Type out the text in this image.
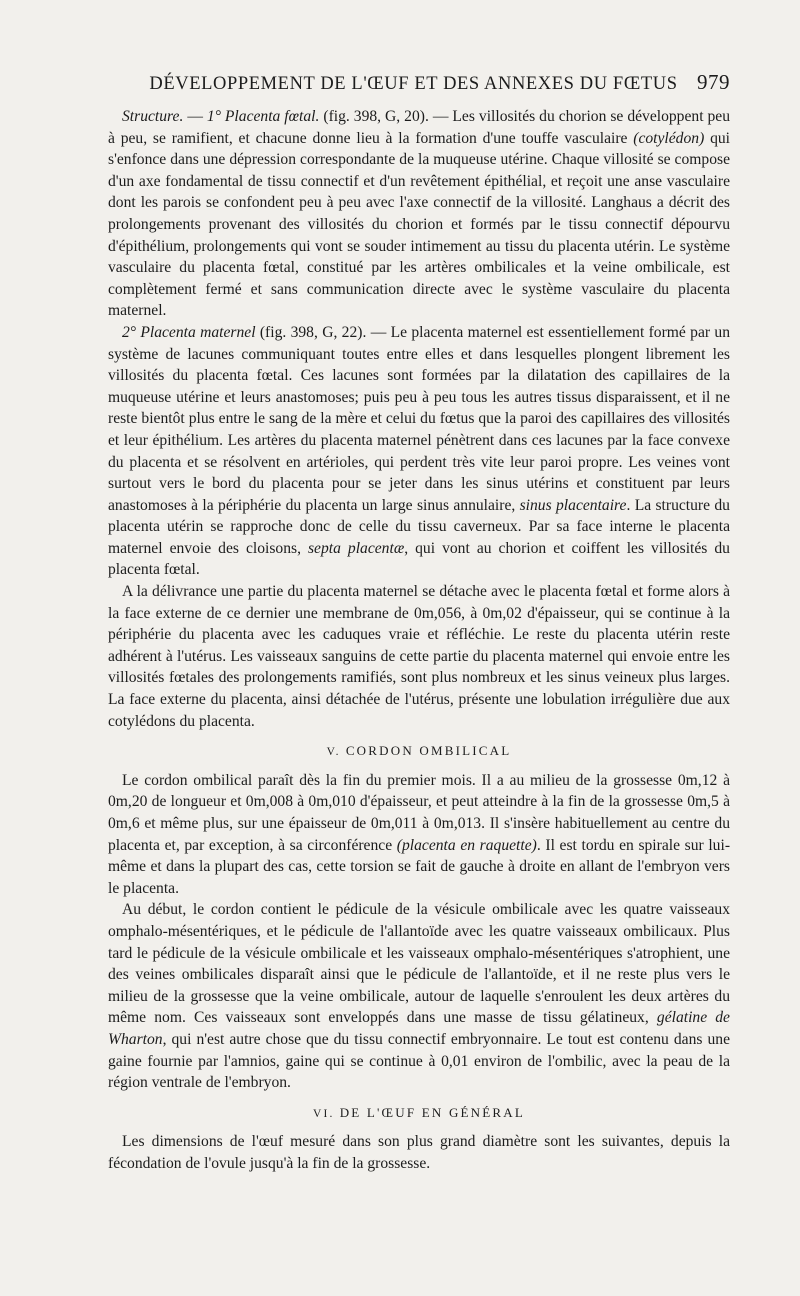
DÉVELOPPEMENT DE L'ŒUF ET DES ANNEXES DU FŒTUS 979

Structure. — 1° Placenta fœtal. (fig. 398, G, 20). — Les villosités du chorion se développent peu à peu, se ramifient, et chacune donne lieu à la formation d'une touffe vasculaire (cotylédon) qui s'enfonce dans une dépression correspondante de la muqueuse utérine. Chaque villosité se compose d'un axe fondamental de tissu connectif et d'un revêtement épithélial, et reçoit une anse vasculaire dont les parois se confondent peu à peu avec l'axe connectif de la villosité. Langhaus a décrit des prolongements provenant des villosités du chorion et formés par le tissu connectif dépourvu d'épithélium, prolongements qui vont se souder intimement au tissu du placenta utérin. Le système vasculaire du placenta fœtal, constitué par les artères ombilicales et la veine ombilicale, est complètement fermé et sans communication directe avec le système vasculaire du placenta maternel.

2° Placenta maternel (fig. 398, G, 22). — Le placenta maternel est essentiellement formé par un système de lacunes communiquant toutes entre elles et dans lesquelles plongent librement les villosités du placenta fœtal. Ces lacunes sont formées par la dilatation des capillaires de la muqueuse utérine et leurs anastomoses; puis peu à peu tous les autres tissus disparaissent, et il ne reste bientôt plus entre le sang de la mère et celui du fœtus que la paroi des capillaires des villosités et leur épithélium. Les artères du placenta maternel pénètrent dans ces lacunes par la face convexe du placenta et se résolvent en artérioles, qui perdent très vite leur paroi propre. Les veines vont surtout vers le bord du placenta pour se jeter dans les sinus utérins et constituent par leurs anastomoses à la périphérie du placenta un large sinus annulaire, sinus placentaire. La structure du placenta utérin se rapproche donc de celle du tissu caverneux. Par sa face interne le placenta maternel envoie des cloisons, septa placentæ, qui vont au chorion et coiffent les villosités du placenta fœtal.

A la délivrance une partie du placenta maternel se détache avec le placenta fœtal et forme alors à la face externe de ce dernier une membrane de 0m,056, à 0m,02 d'épaisseur, qui se continue à la périphérie du placenta avec les caduques vraie et réfléchie. Le reste du placenta utérin reste adhérent à l'utérus. Les vaisseaux sanguins de cette partie du placenta maternel qui envoie entre les villosités fœtales des prolongements ramifiés, sont plus nombreux et les sinus veineux plus larges. La face externe du placenta, ainsi détachée de l'utérus, présente une lobulation irrégulière due aux cotylédons du placenta.

V. CORDON OMBILICAL

Le cordon ombilical paraît dès la fin du premier mois. Il a au milieu de la grossesse 0m,12 à 0m,20 de longueur et 0m,008 à 0m,010 d'épaisseur, et peut atteindre à la fin de la grossesse 0m,5 à 0m,6 et même plus, sur une épaisseur de 0m,011 à 0m,013. Il s'insère habituellement au centre du placenta et, par exception, à sa circonférence (placenta en raquette). Il est tordu en spirale sur lui-même et dans la plupart des cas, cette torsion se fait de gauche à droite en allant de l'embryon vers le placenta.

Au début, le cordon contient le pédicule de la vésicule ombilicale avec les quatre vaisseaux omphalo-mésentériques, et le pédicule de l'allantoïde avec les quatre vaisseaux ombilicaux. Plus tard le pédicule de la vésicule ombilicale et les vaisseaux omphalo-mésentériques s'atrophient, une des veines ombilicales disparaît ainsi que le pédicule de l'allantoïde, et il ne reste plus vers le milieu de la grossesse que la veine ombilicale, autour de laquelle s'enroulent les deux artères du même nom. Ces vaisseaux sont enveloppés dans une masse de tissu gélatineux, gélatine de Wharton, qui n'est autre chose que du tissu connectif embryonnaire. Le tout est contenu dans une gaine fournie par l'amnios, gaine qui se continue à 0,01 environ de l'ombilic, avec la peau de la région ventrale de l'embryon.

VI. DE L'ŒUF EN GÉNÉRAL

Les dimensions de l'œuf mesuré dans son plus grand diamètre sont les suivantes, depuis la fécondation de l'ovule jusqu'à la fin de la grossesse.
